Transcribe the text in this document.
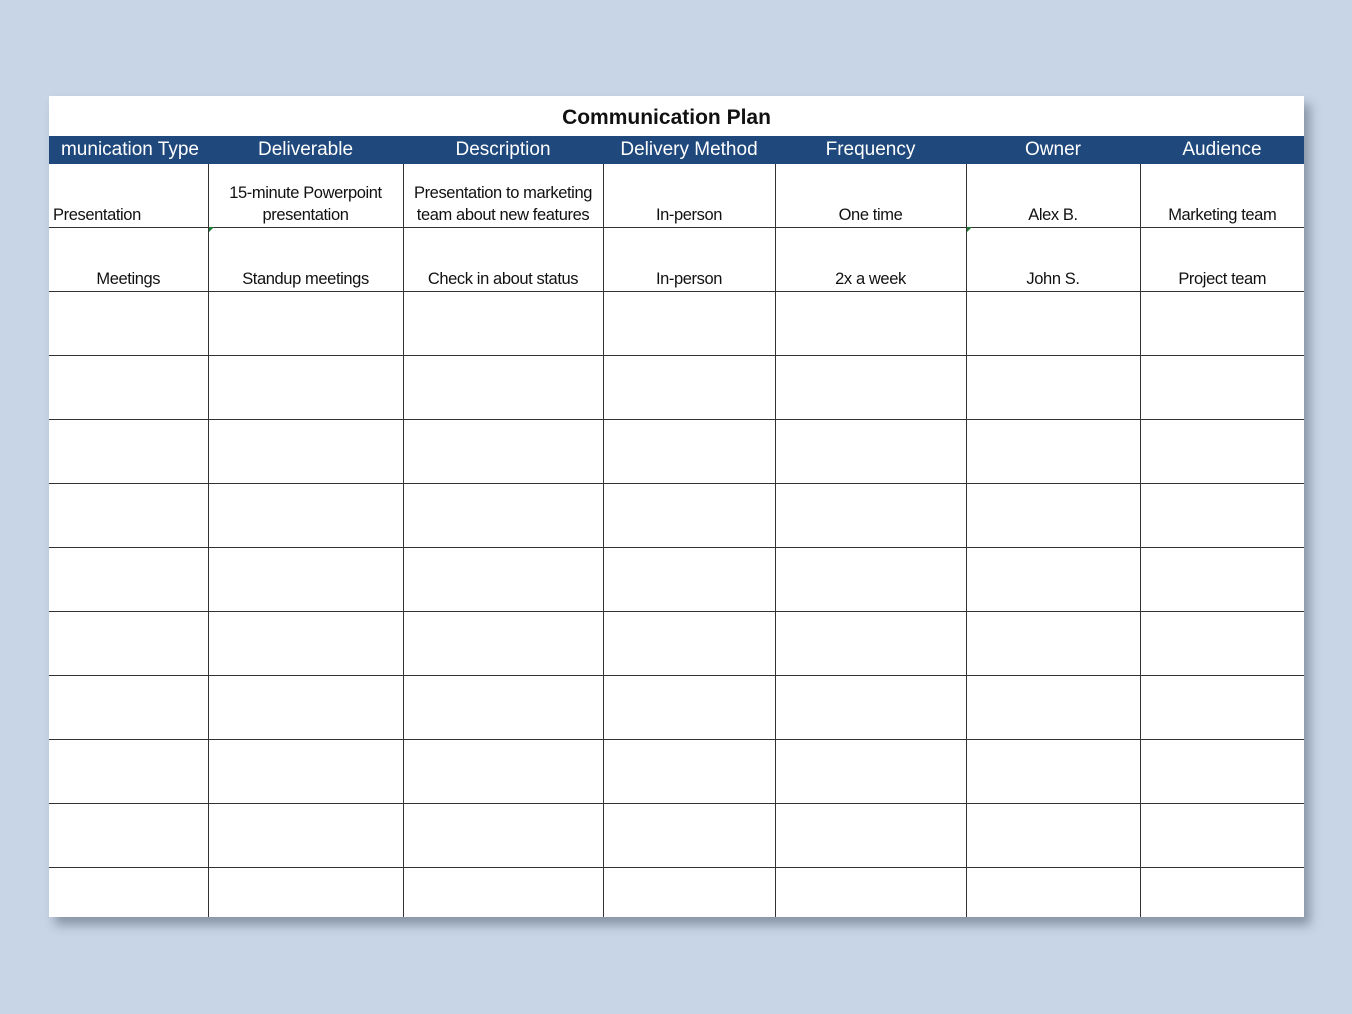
Communication Plan
munication Type	Deliverable	Description	Delivery Method	Frequency	Owner	Audience
Presentation	15-minute Powerpoint presentation	Presentation to marketing team about new features	In-person	One time	Alex B.	Marketing team
Meetings	Standup meetings	Check in about status	In-person	2x a week	John S.	Project team
